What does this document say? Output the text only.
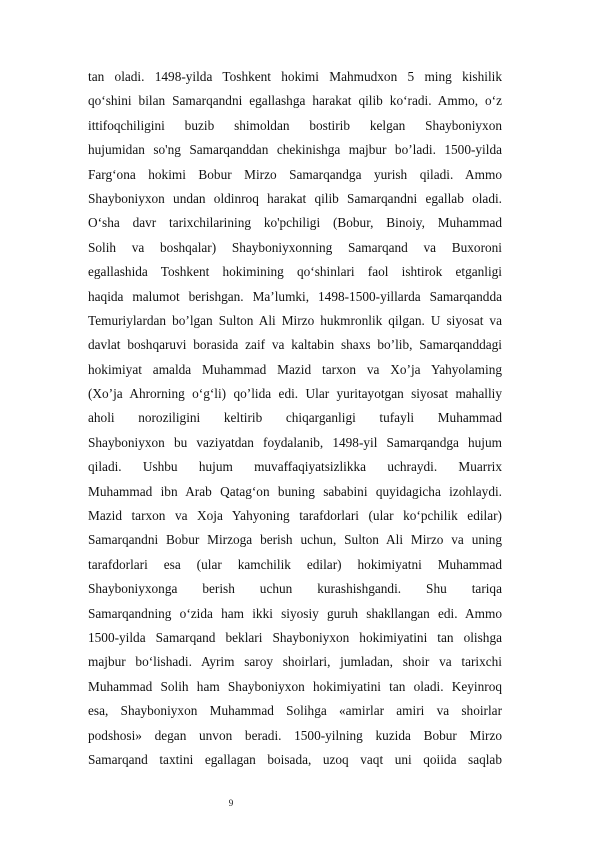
tan oladi. 1498-yilda Toshkent hokimi Mahmudxon 5 ming kishilik
qo‘shini bilan Samarqandni egallashga harakat qilib ko‘radi. Ammo, o‘z
ittifoqchiligini buzib shimoldan bostirib kelgan Shayboniyxon
hujumidan so'ng Samarqanddan chekinishga majbur bo’ladi. 1500-yilda
Farg‘ona hokimi Bobur Mirzo Samarqandga yurish qiladi. Ammo
Shayboniyxon undan oldinroq harakat qilib Samarqandni egallab oladi.
O‘sha davr tarixchilarining ko'pchiligi (Bobur, Binoiy, Muhammad
Solih va boshqalar) Shayboniyxonning Samarqand va Buxoroni
egallashida Toshkent hokimining qo‘shinlari faol ishtirok etganligi
haqida malumot berishgan. Ma’lumki, 1498-1500-yillarda Samarqandda
Temuriylardan bo’lgan Sulton Ali Mirzo hukmronlik qilgan. U siyosat va
davlat boshqaruvi borasida zaif va kaltabin shaxs bo’lib, Samarqanddagi
hokimiyat amalda Muhammad Mazid tarxon va Xo’ja Yahyolaming
(Xo’ja Ahrorning o‘g‘li) qo’lida edi. Ular yuritayotgan siyosat mahalliy
aholi noroziligini keltirib chiqarganligi tufayli Muhammad
Shayboniyxon bu vaziyatdan foydalanib, 1498-yil Samarqandga hujum
qiladi. Ushbu hujum muvaffaqiyatsizlikka uchraydi. Muarrix
Muhammad ibn Arab Qatag‘on buning sababini quyidagicha izohlaydi.
Mazid tarxon va Xoja Yahyoning tarafdorlari (ular ko‘pchilik edilar)
Samarqandni Bobur Mirzoga berish uchun, Sulton Ali Mirzo va uning
tarafdorlari esa (ular kamchilik edilar) hokimiyatni Muhammad
Shayboniyxonga berish uchun kurashishgandi. Shu tariqa
Samarqandning o‘zida ham ikki siyosiy guruh shakllangan edi. Ammo
1500-yilda Samarqand beklari Shayboniyxon hokimiyatini tan olishga
majbur bo‘lishadi. Ayrim saroy shoirlari, jumladan, shoir va tarixchi
Muhammad Solih ham Shayboniyxon hokimiyatini tan oladi. Keyinroq
esa, Shayboniyxon Muhammad Solihga «amirlar amiri va shoirlar
podshosi» degan unvon beradi. 1500-yilning kuzida Bobur Mirzo
Samarqand taxtini egallagan boisada, uzoq vaqt uni qoiida saqlab
9
